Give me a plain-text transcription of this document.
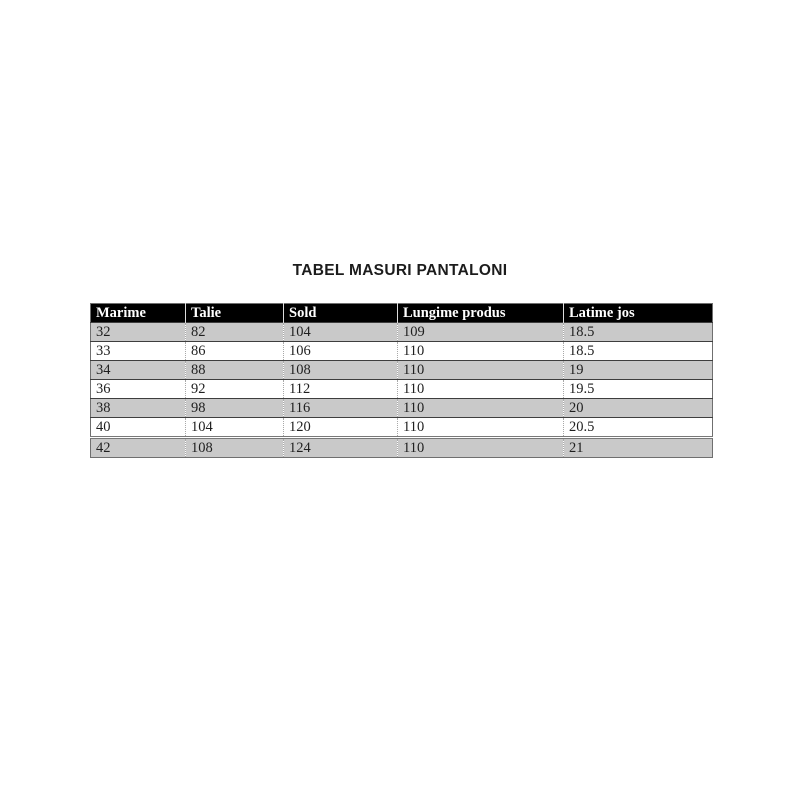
TABEL MASURI PANTALONI
Marime	Talie	Sold	Lungime produs	Latime jos
32	82	104	109	18.5
33	86	106	110	18.5
34	88	108	110	19
36	92	112	110	19.5
38	98	116	110	20
40	104	120	110	20.5
42	108	124	110	21
